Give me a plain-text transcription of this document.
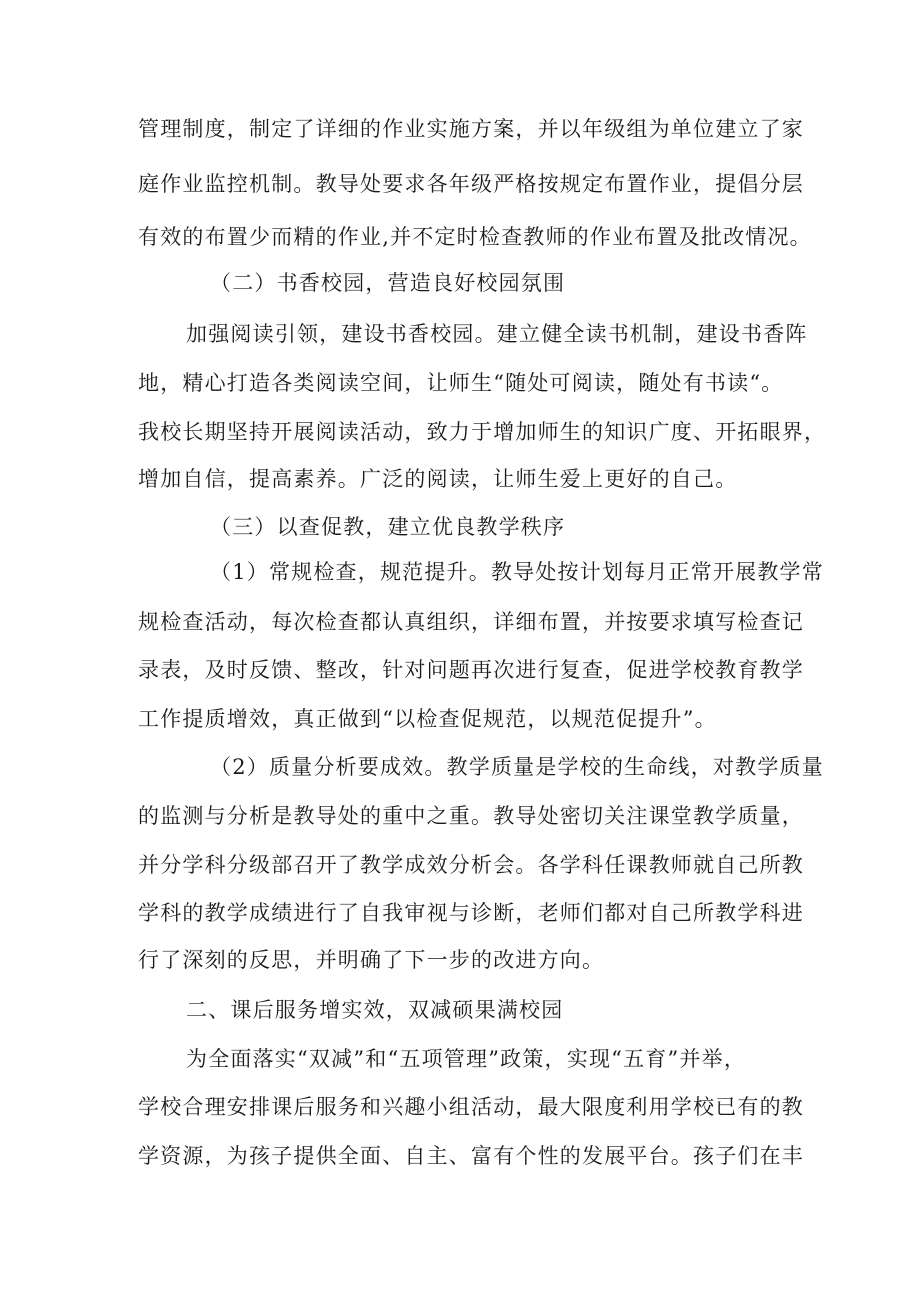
管理制度，制定了详细的作业实施方案，并以年级组为单位建立了家
庭作业监控机制。教导处要求各年级严格按规定布置作业，提倡分层
有效的布置少而精的作业,并不定时检查教师的作业布置及批改情况。
（二）书香校园，营造良好校园氛围
加强阅读引领，建设书香校园。建立健全读书机制，建设书香阵
地，精心打造各类阅读空间，让师生“随处可阅读，随处有书读“。
我校长期坚持开展阅读活动，致力于增加师生的知识广度、开拓眼界，
增加自信，提高素养。广泛的阅读，让师生爱上更好的自己。
（三）以查促教，建立优良教学秩序
（1）常规检查，规范提升。教导处按计划每月正常开展教学常
规检查活动，每次检查都认真组织，详细布置，并按要求填写检查记
录表，及时反馈、整改，针对问题再次进行复查，促进学校教育教学
工作提质增效，真正做到“以检查促规范，以规范促提升”。
（2）质量分析要成效。教学质量是学校的生命线，对教学质量
的监测与分析是教导处的重中之重。教导处密切关注课堂教学质量，
并分学科分级部召开了教学成效分析会。各学科任课教师就自己所教
学科的教学成绩进行了自我审视与诊断，老师们都对自己所教学科进
行了深刻的反思，并明确了下一步的改进方向。
二、课后服务增实效，双减硕果满校园
为全面落实“双减”和“五项管理”政策，实现“五育”并举，
学校合理安排课后服务和兴趣小组活动，最大限度利用学校已有的教
学资源，为孩子提供全面、自主、富有个性的发展平台。孩子们在丰
